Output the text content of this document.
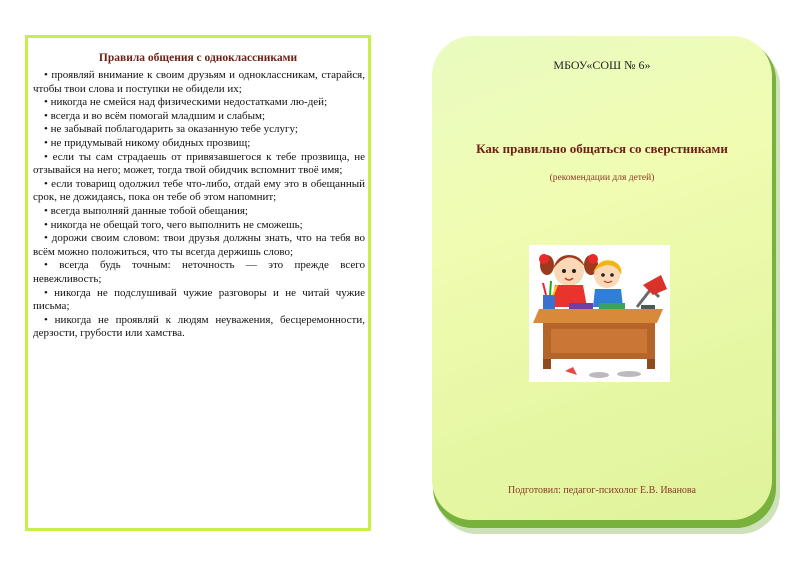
Правила общения с одноклассниками
• проявляй внимание к своим друзьям и одноклассникам, старайся, чтобы твои слова и поступки не обидели их;
• никогда не смейся над физическими недостатками лю-дей;
• всегда и во всём помогай младшим и слабым;
• не забывай поблагодарить за оказанную тебе услугу;
• не придумывай никому обидных прозвищ;
• если ты сам страдаешь от привязавшегося к тебе прозвища, не отзывайся на него; может, тогда твой обидчик вспомнит твоё имя;
• если товарищ одолжил тебе что-либо, отдай ему это в обещанный срок, не дожидаясь, пока он тебе об этом напомнит;
• всегда выполняй данные тобой обещания;
• никогда не обещай того, чего выполнить не сможешь;
• дорожи своим словом: твои друзья должны знать, что на тебя во всём можно положиться, что ты всегда держишь слово;
• всегда будь точным: неточность — это прежде всего невежливость;
• никогда не подслушивай чужие разговоры и не читай чужие письма;
• никогда не проявляй к людям неуважения, бесцеремонности, дерзости, грубости или хамства.
МБОУ«СОШ № 6»
Как правильно общаться со сверстниками
(рекомендации для детей)
Подготовил: педагог-психолог Е.В. Иванова
